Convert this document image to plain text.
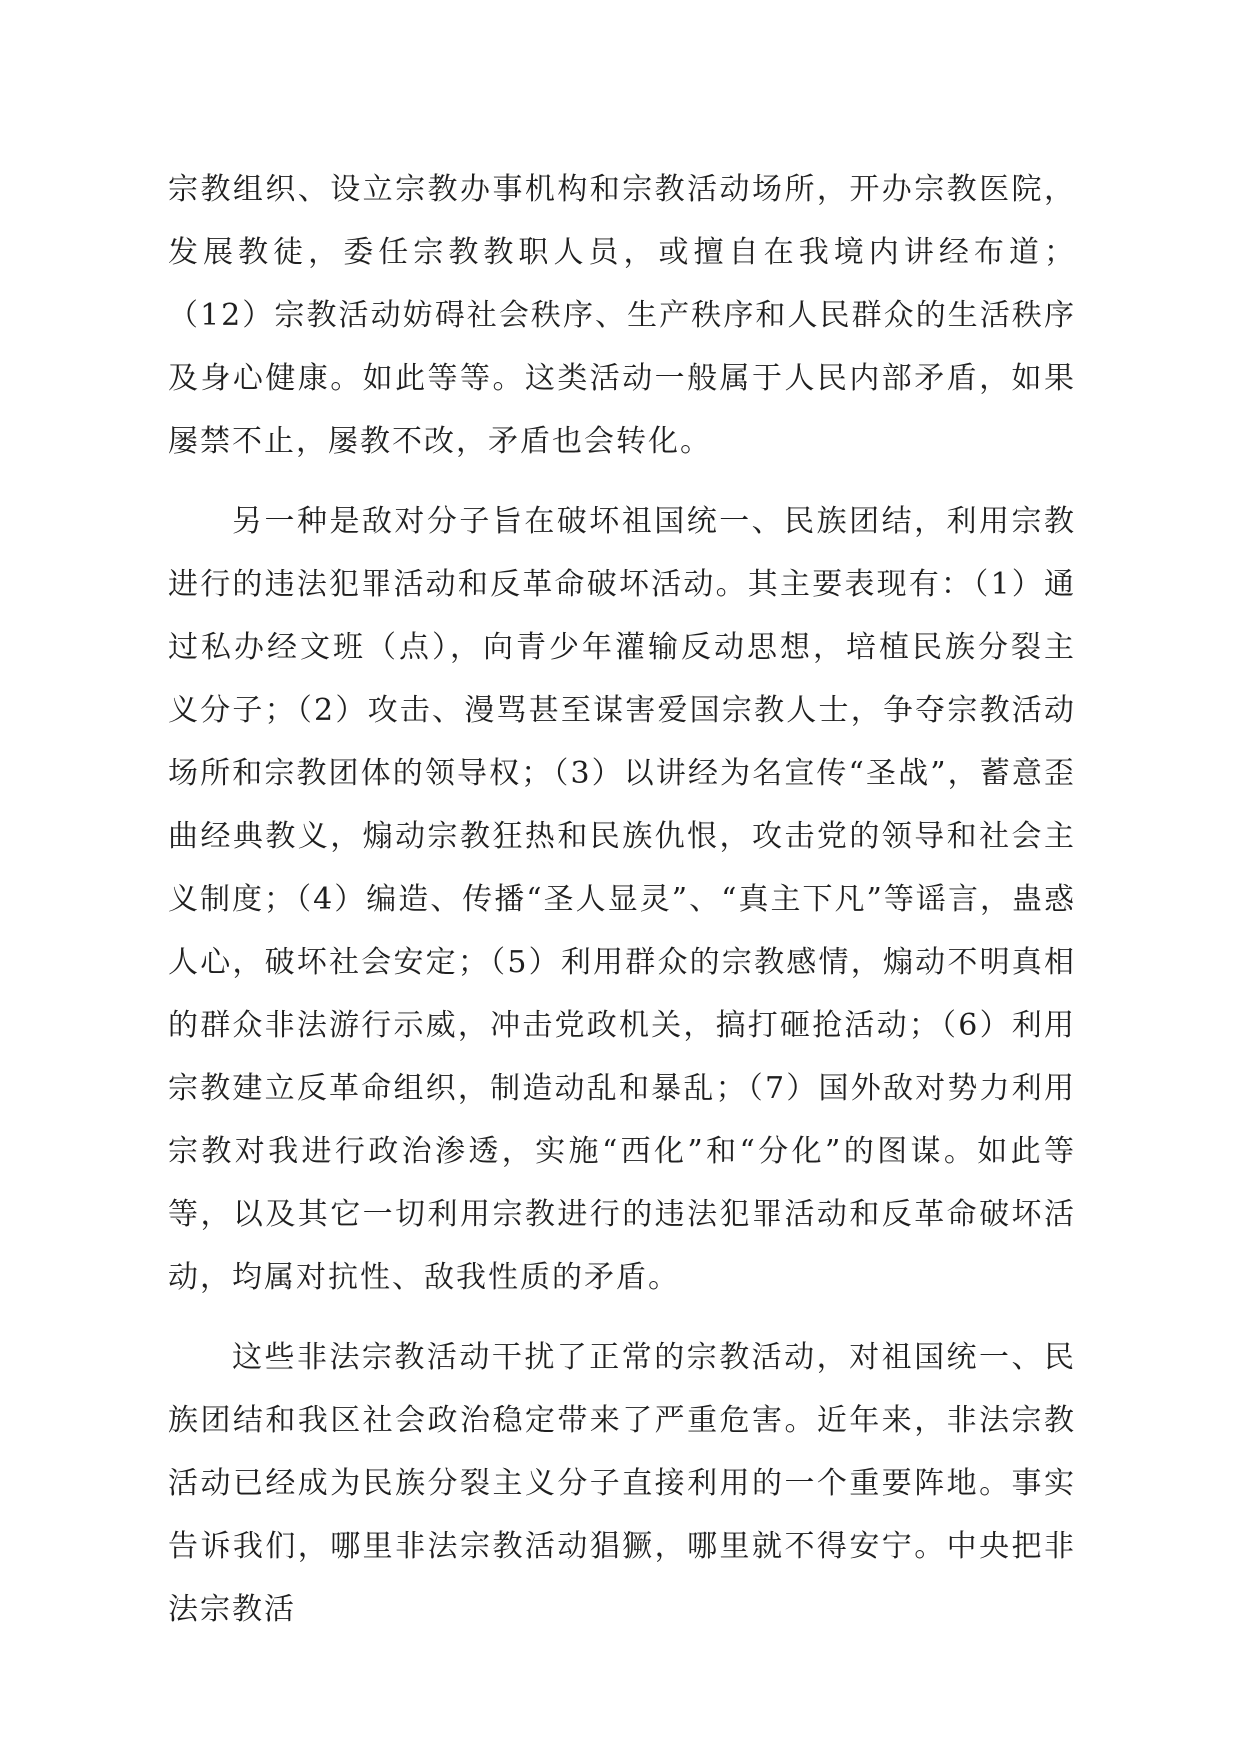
宗教组织、设立宗教办事机构和宗教活动场所，开办宗教医院，发展教徒，委任宗教教职人员，或擅自在我境内讲经布道；（12）宗教活动妨碍社会秩序、生产秩序和人民群众的生活秩序及身心健康。如此等等。这类活动一般属于人民内部矛盾，如果屡禁不止，屡教不改，矛盾也会转化。

另一种是敌对分子旨在破坏祖国统一、民族团结，利用宗教进行的违法犯罪活动和反革命破坏活动。其主要表现有：（1）通过私办经文班（点），向青少年灌输反动思想，培植民族分裂主义分子；（2）攻击、漫骂甚至谋害爱国宗教人士，争夺宗教活动场所和宗教团体的领导权；（3）以讲经为名宣传“圣战”，蓄意歪曲经典教义，煽动宗教狂热和民族仇恨，攻击党的领导和社会主义制度；（4）编造、传播“圣人显灵”、“真主下凡”等谣言，蛊惑人心，破坏社会安定；（5）利用群众的宗教感情，煽动不明真相的群众非法游行示威，冲击党政机关，搞打砸抢活动；（6）利用宗教建立反革命组织，制造动乱和暴乱；（7）国外敌对势力利用宗教对我进行政治渗透，实施“西化”和“分化”的图谋。如此等等，以及其它一切利用宗教进行的违法犯罪活动和反革命破坏活动，均属对抗性、敌我性质的矛盾。

这些非法宗教活动干扰了正常的宗教活动，对祖国统一、民族团结和我区社会政治稳定带来了严重危害。近年来，非法宗教活动已经成为民族分裂主义分子直接利用的一个重要阵地。事实告诉我们，哪里非法宗教活动猖獗，哪里就不得安宁。中央把非法宗教活
